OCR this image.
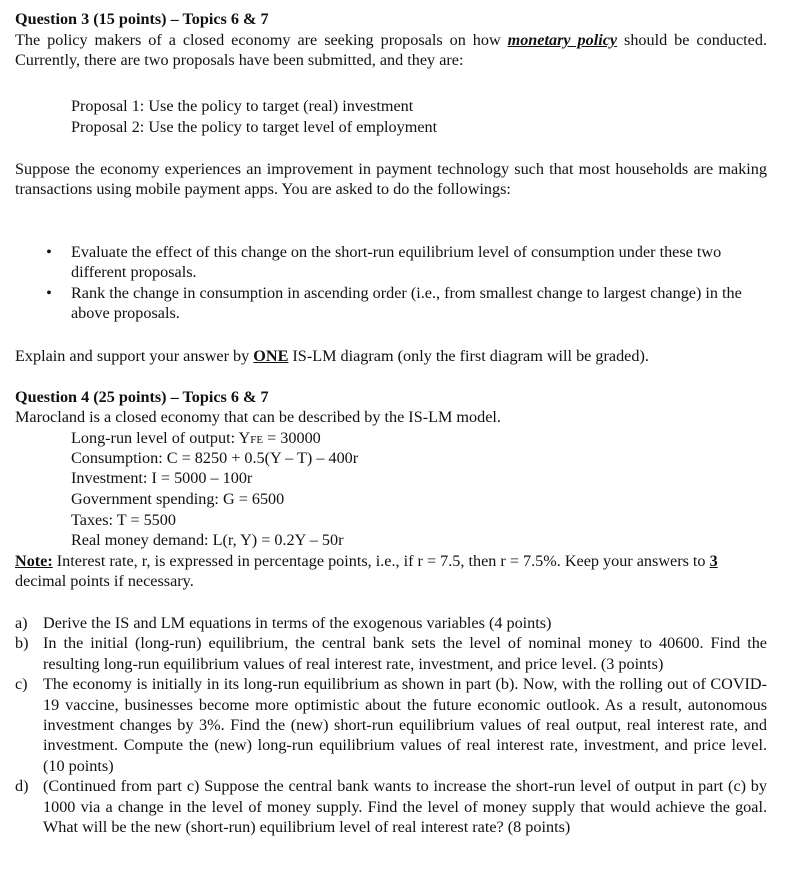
Question 3 (15 points) – Topics 6 & 7
The policy makers of a closed economy are seeking proposals on how monetary policy should be conducted. Currently, there are two proposals have been submitted, and they are:
Proposal 1: Use the policy to target (real) investment
Proposal 2: Use the policy to target level of employment
Suppose the economy experiences an improvement in payment technology such that most households are making transactions using mobile payment apps. You are asked to do the followings:
•	Evaluate the effect of this change on the short-run equilibrium level of consumption under these two different proposals.
•	Rank the change in consumption in ascending order (i.e., from smallest change to largest change) in the above proposals.
Explain and support your answer by ONE IS-LM diagram (only the first diagram will be graded).
Question 4 (25 points) – Topics 6 & 7
Marocland is a closed economy that can be described by the IS-LM model.
Long-run level of output: YFE = 30000
Consumption: C = 8250 + 0.5(Y – T) – 400r
Investment: I = 5000 – 100r
Government spending: G = 6500
Taxes: T = 5500
Real money demand: L(r, Y) = 0.2Y – 50r
Note: Interest rate, r, is expressed in percentage points, i.e., if r = 7.5, then r = 7.5%. Keep your answers to 3 decimal points if necessary.
a) Derive the IS and LM equations in terms of the exogenous variables (4 points)
b) In the initial (long-run) equilibrium, the central bank sets the level of nominal money to 40600. Find the resulting long-run equilibrium values of real interest rate, investment, and price level. (3 points)
c) The economy is initially in its long-run equilibrium as shown in part (b). Now, with the rolling out of COVID-19 vaccine, businesses become more optimistic about the future economic outlook. As a result, autonomous investment changes by 3%. Find the (new) short-run equilibrium values of real output, real interest rate, and investment. Compute the (new) long-run equilibrium values of real interest rate, investment, and price level. (10 points)
d) (Continued from part c) Suppose the central bank wants to increase the short-run level of output in part (c) by 1000 via a change in the level of money supply. Find the level of money supply that would achieve the goal. What will be the new (short-run) equilibrium level of real interest rate? (8 points)
